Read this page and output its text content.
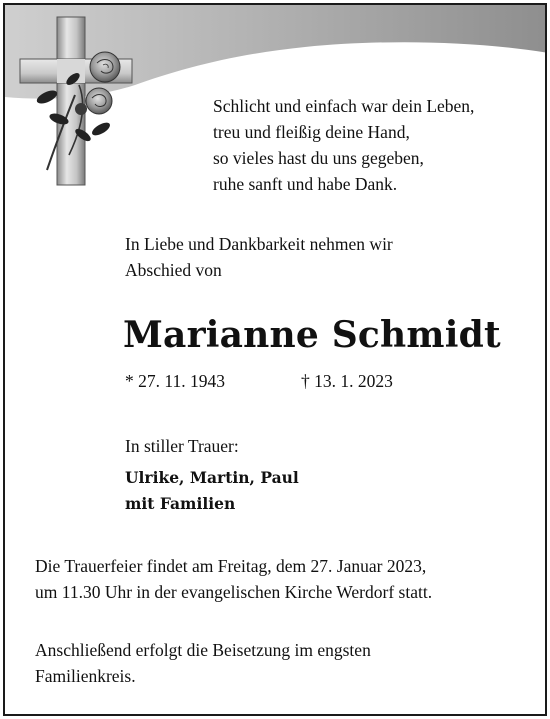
Schlicht und einfach war dein Leben,
treu und fleißig deine Hand,
so vieles hast du uns gegeben,
ruhe sanft und habe Dank.
In Liebe und Dankbarkeit nehmen wir
Abschied von
Marianne Schmidt
* 27. 11. 1943	† 13. 1. 2023
In stiller Trauer:
Ulrike, Martin, Paul
mit Familien
Die Trauerfeier findet am Freitag, dem 27. Januar 2023,
um 11.30 Uhr in der evangelischen Kirche Werdorf statt.
Anschließend erfolgt die Beisetzung im engsten
Familienkreis.
